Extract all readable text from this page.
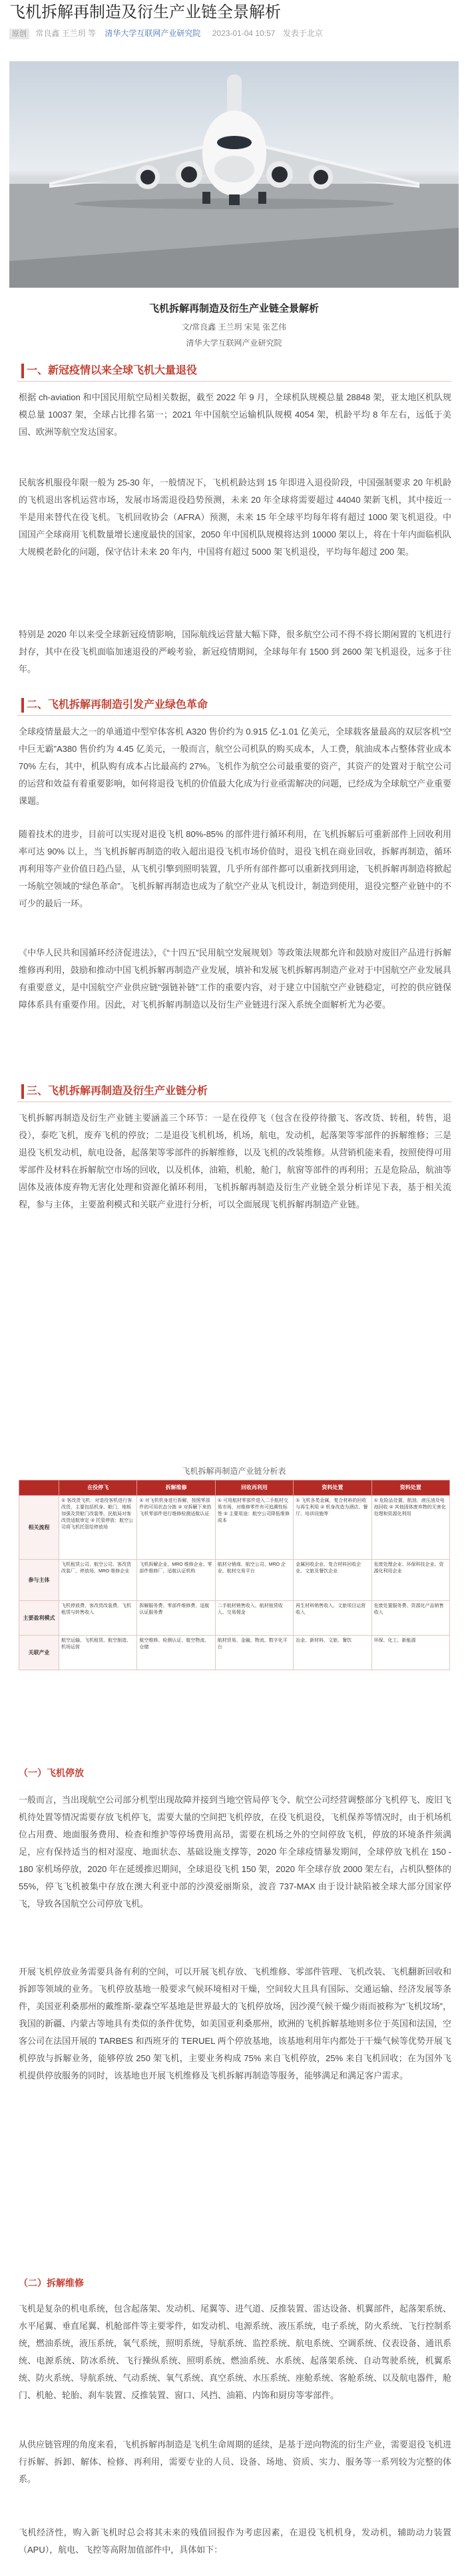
飞机拆解再制造及衍生产业链全景解析
原创 常良鑫 王兰玥 等 清华大学互联网产业研究院 2023-01-04 10:57 发表于北京
飞机拆解再制造及衍生产业链全景解析
文/常良鑫 王兰玥 宋晃 张艺伟
清华大学互联网产业研究院
一、新冠疫情以来全球飞机大量退役

根据 ch-aviation 和中国民用航空局相关数据，截至 2022 年 9 月，全球机队规模总量 28848 架，亚太地区机队规模总量 10037 架，全球占比排名第一；2021 年中国航空运输机队规模 4054 架，机龄平均 8 年左右，远低于美国、欧洲等航空发达国家。

民航客机服役年限一般为 25-30 年，一般情况下，飞机机龄达到 15 年即进入退役阶段，中国强制要求 20 年机龄的飞机退出客机运营市场，发展市场需退役趋势预测，未来 20 年全球将需要超过 44040 架新飞机，其中接近一半是用来替代在役飞机。飞机回收协会（AFRA）预测，未来 15 年全球平均每年将有超过 1000 架飞机退役。中国国产全球商用飞机数量增长速度最快的国家，2050 年中国机队规模将达到 10000 架以上，将在十年内面临机队大规模老龄化的问题，保守估计未来 20 年内，中国将有超过 5000 架飞机退役，平均每年超过 200 架。

特别是 2020 年以来受全球新冠疫情影响，国际航线运营量大幅下降，很多航空公司不得不将长期闲置的飞机进行封存，其中在役飞机面临加速退役的严峻考验，新冠疫情期间，全球每年有 1500 到 2600 架飞机退役，远多于往年。

二、飞机拆解再制造引发产业绿色革命

全球疫情量最大之一的单通道中型窄体客机 A320 售价约为 0.915 亿-1.01 亿美元，全球载客量最高的双层客机“空中巨无霸”A380 售价约为 4.45 亿美元，一般而言，航空公司机队的购买成本，人工费，航油成本占整体营业成本 70% 左右，其中，机队购有成本占比最高约 27%。飞机作为航空公司最重要的资产，其资产的处置对于航空公司的运营和效益有着重要影响，如何将退役飞机的价值最大化成为行业亟需解决的问题，已经成为全球航空产业重要课题。

随着技术的进步，目前可以实现对退役飞机 80%-85% 的部件进行循环利用，在飞机拆解后可重新部件上回收利用率可达 90% 以上，当飞机拆解再制造的收入超出退役飞机市场价值时，退役飞机在商业回收，拆解再制造，循环再利用等产业价值日趋凸显，从飞机引擎到照明装置，几乎所有部件都可以重新找到用途，飞机拆解再制造将掀起一场航空领域的“绿色革命”。飞机拆解再制造也成为了航空产业从飞机设计，制造到使用，退役完整产业链中的不可少的最后一环。

《中华人民共和国循环经济促进法》，《“十四五”民用航空发展规划》等政策法规都允许和鼓励对废旧产品进行拆解维修再利用，鼓励和推动中国飞机拆解再制造产业发展，填补和发展飞机拆解再制造产业对于中国航空产业发展具有重要意义，是中国航空产业供应链“强链补链”工作的重要内容，对于建立中国航空产业链稳定，可控的供应链保障体系具有重要作用。因此，对飞机拆解再制造以及衍生产业链进行深入系统全面解析尤为必要。

三、飞机拆解再制造及衍生产业链分析

飞机拆解再制造及衍生产业链主要涵盖三个环节：一是在役停飞（包含在役停待撤飞、客改货、转租，转售，退役），泰吃飞机，废弃飞机的停放；二是退役飞机机场，机场，航电，发动机，起落架等零部件的拆解维修；三是退役飞机发动机，航电设备，起落架等零部件的拆解维修，以及飞机的改装维修。从营销机能来看，按照使得可用零部件及材料在拆解航空市场的回收，以及机体，油箱，机舱，舱门，航窗等部件的再利用；五是危险品，航油等固体及液体废弃物无害化处理和资源化循环利用，飞机拆解再制造及衍生产业链全景分析详见下表，基于相关流程，参与主体，主要盈利模式和关联产业进行分析，可以全面展现飞机拆解再制造产业链。

飞机拆解再制造产业链分析表
	在役停飞	拆解维修	回收再利用	资料处置	资料处置
相关流程	① 客改货飞机：对退役客机进行客改货，主要包括机身、舱门，地板加强及货舱门改装等，民航局对客改货适航审定 ② 托管停放：航空公司将飞机托管给停放场	① 对飞机机身进行拆解，按照零部件的可用状态分拣 ② 对拆解下来的飞机零部件进行维修检测适航认证	① 可用航材零部件进入二手航材交易市场，对维修零件有可追溯性标签 ② 主要用途：航空公司降低维修成本	① 飞机各类金属，复合材料的回收与再生利用 ② 机身改造为酒店、餐厅、培训设施等	① 危险品处置，航油，液压油及电池回收 ② 其他固体废弃物的无害化处理和资源化利用
参与主体	飞机租赁公司、航空公司、客改货改装厂、停放场、MRO 维修企业	飞机拆解企业、MRO 维修企业、零部件维修厂、适航认证机构	航材分销商、航空公司、MRO 企业、航材交易平台	金属回收企业、复合材料回收企业、文旅及餐饮企业	危废处理企业、环保科技企业、资源化利用企业
主要盈利模式	飞机停放费、客改货改装费、飞机租赁与转售收入	拆解服务费、零部件维修费、适航认证服务费	二手航材销售收入、航材租赁收入、交易佣金	再生材料销售收入、文旅项目运营收入	危废处置服务费、资源化产品销售收入
关联产业	航空运输、飞机租赁、航空制造、机场运营	航空维修、检测认证、航空物流、仓储	航材贸易、金融、物流、数字化平台	冶金、新材料、文旅、餐饮	环保、化工、新能源
（一）飞机停放

一般而言，当出现航空公司部分机型出现故障并接到当地空管局停飞令、航空公司经营调整部分飞机停飞、废旧飞机待处置等情况需要存放飞机停飞，需要大量的空间把飞机停放，在役飞机退役，飞机保养等情况时，由于机场机位占用费、地面服务费用、检查和维护等停场费用高昂，需要在机场之外的空间停放飞机，停放的环境条件须满足，应有保持适当的相对湿度、地面状态、基础设施支撑等，2020 年全球疫情暴发期间，全球停放飞机在 150 - 180 家机场停放，2020 年在延缓推迟期间，全球退役飞机 150 架，2020 年全球存放 2000 架左右，占机队整体的 55%，停飞飞机被集中存放在澳大利亚中部的沙漠爱丽斯泉，波音 737-MAX 由于设计缺陷被全球大部分国家停飞，导致各国航空公司停放飞机。

开展飞机停放业务需要具备有利的空间，可以开展飞机存放、飞机维修、零部件管理、飞机改装、飞机翻新回收和拆卸等领域的业务。飞机停放基地一般要求气候环境相对干燥，空间较大且具有国际、交通运输、经济发展等条件，美国亚利桑那州的戴维斯-蒙森空军基地是世界最大的飞机停放场，因沙漠气候干燥少雨而被称为“飞机坟场”，我国的新疆、内蒙古等地具有类似的条件优势，如美国亚利桑那州，欧洲的飞机拆解基地则多位于英国和法国，空客公司在法国开展的 TARBES 和西班牙的 TERUEL 两个停放基地，该基地利用年内都处于干燥气候等优势开展飞机停放与拆解业务，能够停放 250 架飞机，主要业务构成 75% 来自飞机停放，25% 来自飞机回收；在为国外飞机提供停放服务的同时，该基地也开展飞机维修及飞机拆解再制造等服务，能够满足和满足客户需求。

（二）拆解维修

飞机是复杂的机电系统，包含起落架、发动机、尾翼等、进气道、反推装置、雷达设备、机翼部件，起落架系统、水平尾翼、垂直尾翼、机舱部件等主要零件，如发动机、电源系统、液压系统，电子系统，防火系统、飞行控制系统，燃油系统，液压系统，氧气系统，照明系统，导航系统、监控系统、航电系统、空调系统、仪表设备、通讯系统、电源系统、防冰系统、飞行操纵系统、照明系统、燃油系统、水系统、起落架系统、自动驾驶系统，机翼系统、防火系统、导航系统、气动系统、氧气系统、真空系统、水压系统、座舱系统、客舱系统、以及航电器件，舱门、机舱、轮胎、刹车装置、反推装置、窗口、风挡、油箱、内饰和厨房等零部件。

从供应链管理的角度来看，飞机拆解再制造是飞机生命周期的延续，是基于逆向物流的衍生产业，需要退役飞机进行拆解、拆卸、解体、检修、再利用，需要专业的人员、设备、场地、资质、实力、服务等一系列较为完整的体系。

飞机经济性，购入新飞机时总会将其未来的残值回报作为考虑因素，在退役飞机机身，发动机，辅助动力装置（APU），航电、飞控等高附加值部件中，具体如下：
